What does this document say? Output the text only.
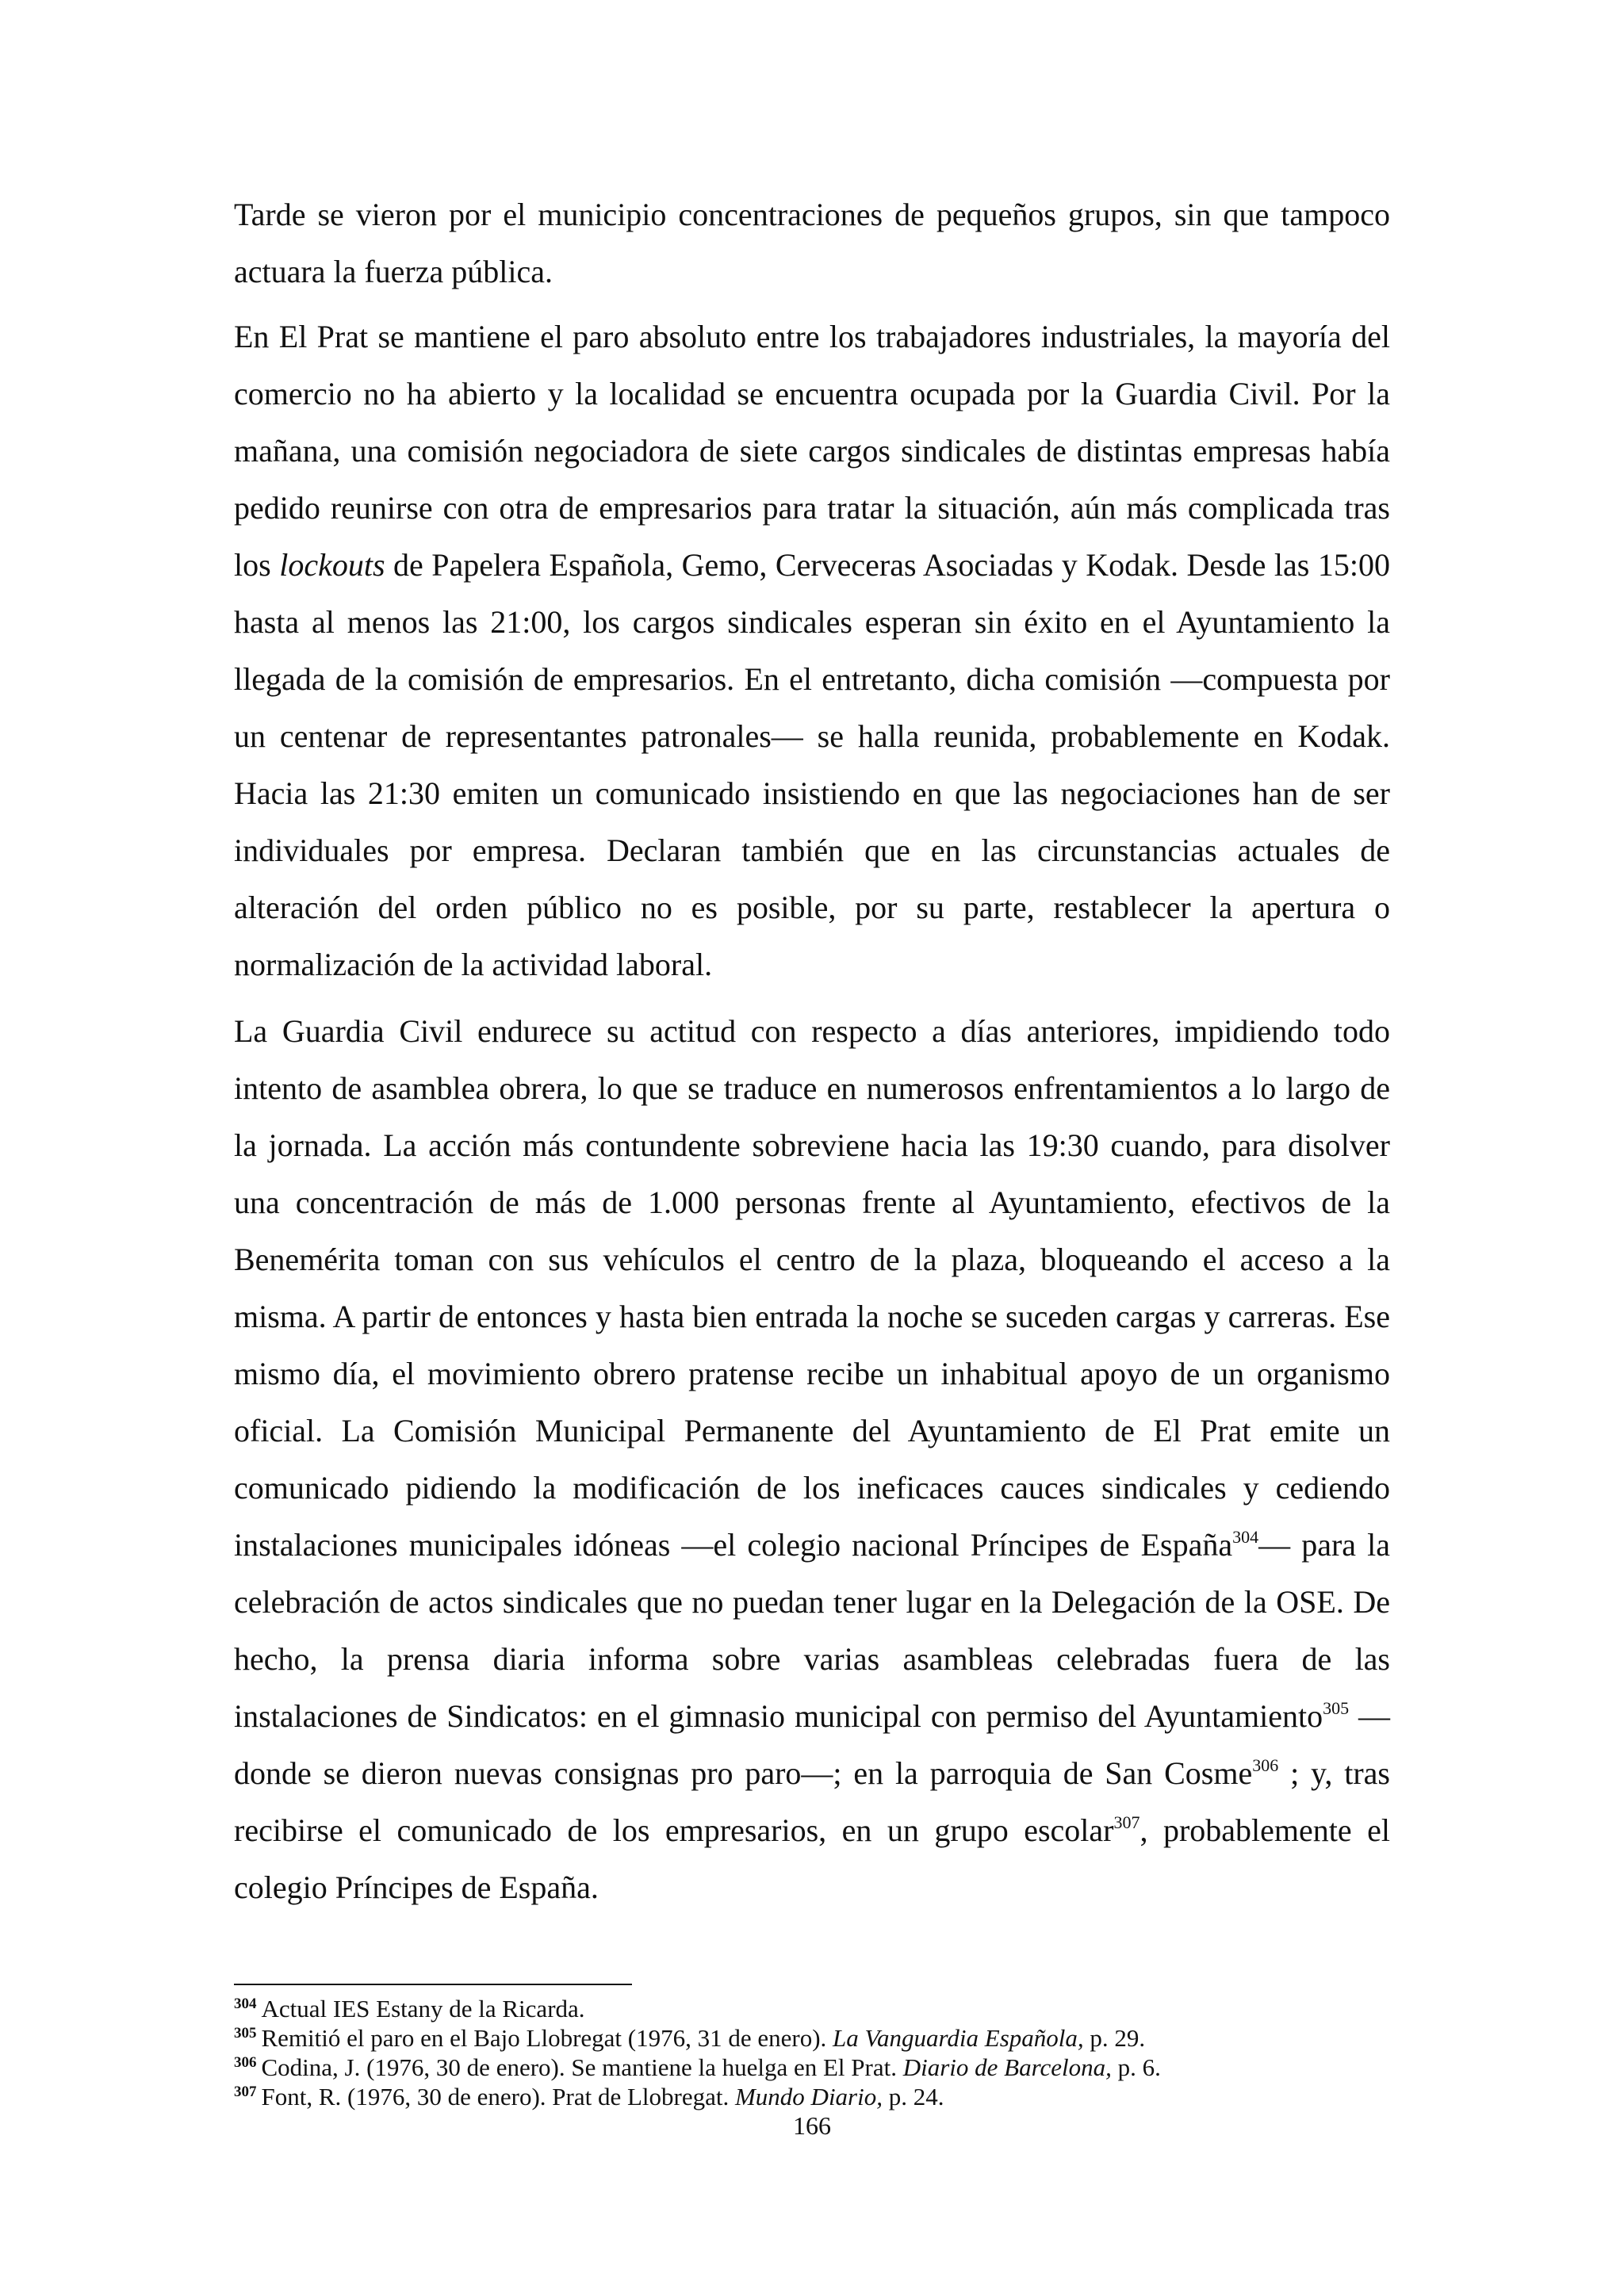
Tarde se vieron por el municipio concentraciones de pequeños grupos, sin que tampoco actuara la fuerza pública.

En El Prat se mantiene el paro absoluto entre los trabajadores industriales, la mayoría del comercio no ha abierto y la localidad se encuentra ocupada por la Guardia Civil. Por la mañana, una comisión negociadora de siete cargos sindicales de distintas empresas había pedido reunirse con otra de empresarios para tratar la situación, aún más complicada tras los lockouts de Papelera Española, Gemo, Cerveceras Asociadas y Kodak. Desde las 15:00 hasta al menos las 21:00, los cargos sindicales esperan sin éxito en el Ayuntamiento la llegada de la comisión de empresarios. En el entretanto, dicha comisión —compuesta por un centenar de representantes patronales— se halla reunida, probablemente en Kodak. Hacia las 21:30 emiten un comunicado insistiendo en que las negociaciones han de ser individuales por empresa. Declaran también que en las circunstancias actuales de alteración del orden público no es posible, por su parte, restablecer la apertura o normalización de la actividad laboral.

La Guardia Civil endurece su actitud con respecto a días anteriores, impidiendo todo intento de asamblea obrera, lo que se traduce en numerosos enfrentamientos a lo largo de la jornada. La acción más contundente sobreviene hacia las 19:30 cuando, para disolver una concentración de más de 1.000 personas frente al Ayuntamiento, efectivos de la Benemérita toman con sus vehículos el centro de la plaza, bloqueando el acceso a la misma. A partir de entonces y hasta bien entrada la noche se suceden cargas y carreras. Ese mismo día, el movimiento obrero pratense recibe un inhabitual apoyo de un organismo oficial. La Comisión Municipal Permanente del Ayuntamiento de El Prat emite un comunicado pidiendo la modificación de los ineficaces cauces sindicales y cediendo instalaciones municipales idóneas —el colegio nacional Príncipes de España$^{304}$— para la celebración de actos sindicales que no puedan tener lugar en la Delegación de la OSE. De hecho, la prensa diaria informa sobre varias asambleas celebradas fuera de las instalaciones de Sindicatos: en el gimnasio municipal con permiso del Ayuntamiento$^{305}$ —donde se dieron nuevas consignas pro paro—; en la parroquia de San Cosme$^{306}$ ; y, tras recibirse el comunicado de los empresarios, en un grupo escolar$^{307}$, probablemente el colegio Príncipes de España.

$^{304}$ Actual IES Estany de la Ricarda.

$^{305}$ Remitió el paro en el Bajo Llobregat (1976, 31 de enero). La Vanguardia Española, p. 29.

$^{306}$ Codina, J. (1976, 30 de enero). Se mantiene la huelga en El Prat. Diario de Barcelona, p. 6.

$^{307}$ Font, R. (1976, 30 de enero). Prat de Llobregat. Mundo Diario, p. 24.

166
